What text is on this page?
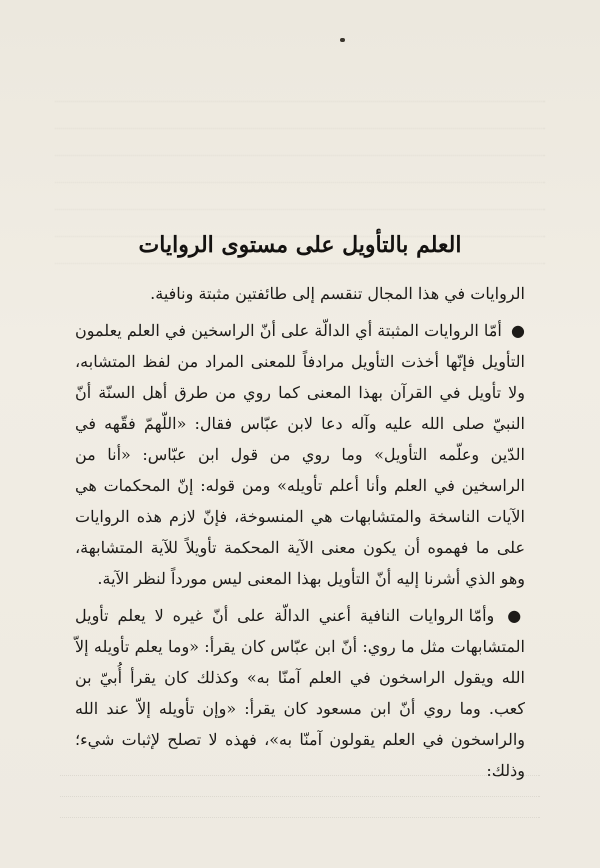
العلم بالتأويل على مستوى الروايات

الروايات في هذا المجال تنقسم إلى طائفتين مثبتة ونافية.

● أمّا الروايات المثبتة أي الدالّة على أنّ الراسخين في العلم يعلمون التأويل فإنّها أخذت التأويل مرادفاً للمعنى المراد من لفظ المتشابه، ولا تأويل في القرآن بهذا المعنى كما روي من طرق أهل السنّة أنّ النبيّ صلى الله عليه وآله دعا لابن عبّاس فقال: «اللّهمّ فقّهه في الدّين وعلّمه التأويل» وما روي من قول ابن عبّاس: «أنا من الراسخين في العلم وأنا أعلم تأويله» ومن قوله: إنّ المحكمات هي الآيات الناسخة والمتشابهات هي المنسوخة، فإنّ لازم هذه الروايات على ما فهموه أن يكون معنى الآية المحكمة تأويلاً للآية المتشابهة، وهو الذي أشرنا إليه أنّ التأويل بهذا المعنى ليس مورداً لنظر الآية.

● وأمّا الروايات النافية أعني الدالّة على أنّ غيره لا يعلم تأويل المتشابهات مثل ما روي: أنّ ابن عبّاس كان يقرأ: «وما يعلم تأويله إلاّ الله ويقول الراسخون في العلم آمنّا به» وكذلك كان يقرأ أُبيّ بن كعب. وما روي أنّ ابن مسعود كان يقرأ: «وإن تأويله إلاّ عند الله والراسخون في العلم يقولون آمنّا به»، فهذه لا تصلح لإثبات شيء؛ وذلك:
